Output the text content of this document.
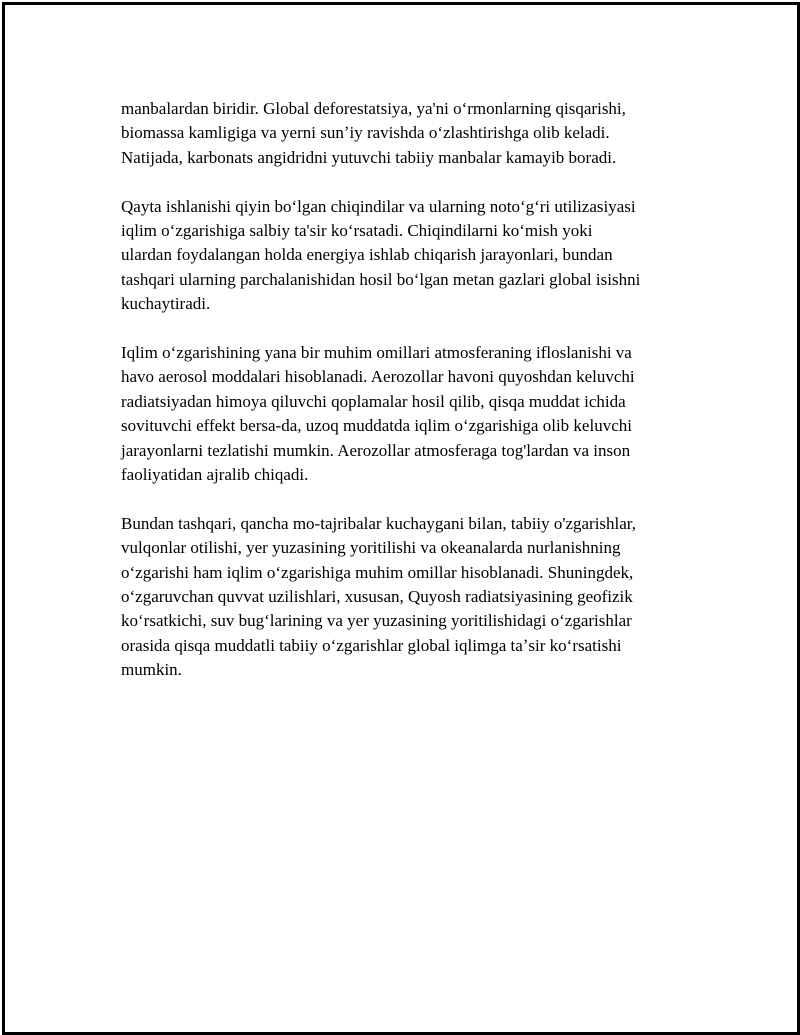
manbalardan biridir. Global deforestatsiya, ya'ni oʻrmonlarning qisqarishi,
biomassa kamligiga va yerni sunʼiy ravishda oʻzlashtirishga olib keladi.
Natijada, karbonats angidridni yutuvchi tabiiy manbalar kamayib boradi.

Qayta ishlanishi qiyin boʻlgan chiqindilar va ularning notoʻgʻri utilizasiyasi
iqlim oʻzgarishiga salbiy ta'sir koʻrsatadi. Chiqindilarni koʻmish yoki
ulardan foydalangan holda energiya ishlab chiqarish jarayonlari, bundan
tashqari ularning parchalanishidan hosil boʻlgan metan gazlari global isishni
kuchaytiradi.

Iqlim oʻzgarishining yana bir muhim omillari atmosferaning ifloslanishi va
havo aerosol moddalari hisoblanadi. Aerozollar havoni quyoshdan keluvchi
radiatsiyadan himoya qiluvchi qoplamalar hosil qilib, qisqa muddat ichida
sovituvchi effekt bersa-da, uzoq muddatda iqlim oʻzgarishiga olib keluvchi
jarayonlarni tezlatishi mumkin. Aerozollar atmosferaga tog'lardan va inson
faoliyatidan ajralib chiqadi.

Bundan tashqari, qancha mo-tajribalar kuchaygani bilan, tabiiy o'zgarishlar,
vulqonlar otilishi, yer yuzasining yoritilishi va okeanalarda nurlanishning
oʻzgarishi ham iqlim oʻzgarishiga muhim omillar hisoblanadi. Shuningdek,
oʻzgaruvchan quvvat uzilishlari, xususan, Quyosh radiatsiyasining geofizik
koʻrsatkichi, suv bugʻlarining va yer yuzasining yoritilishidagi oʻzgarishlar
orasida qisqa muddatli tabiiy oʻzgarishlar global iqlimga taʼsir koʻrsatishi
mumkin.
